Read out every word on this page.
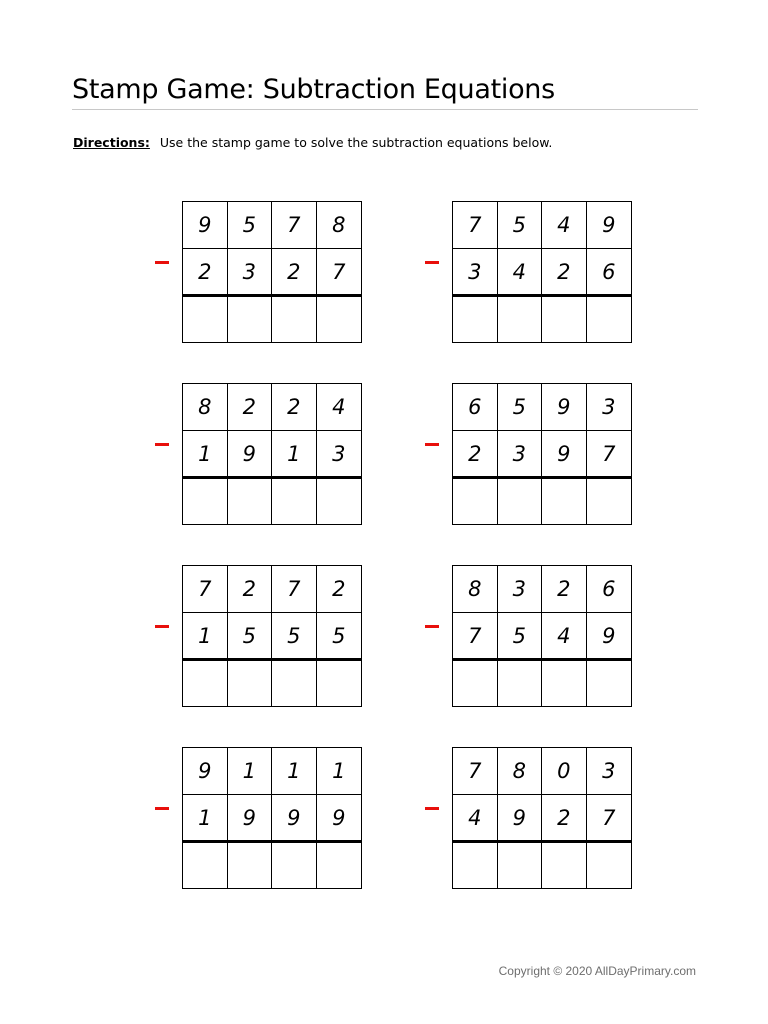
Stamp Game: Subtraction Equations
Directions: Use the stamp game to solve the subtraction equations below.
9	5	7	8
2	3	2	7
7	5	4	9
3	4	2	6
8	2	2	4
1	9	1	3
6	5	9	3
2	3	9	7
7	2	7	2
1	5	5	5
8	3	2	6
7	5	4	9
9	1	1	1
1	9	9	9
7	8	0	3
4	9	2	7
Copyright © 2020 AllDayPrimary.com
